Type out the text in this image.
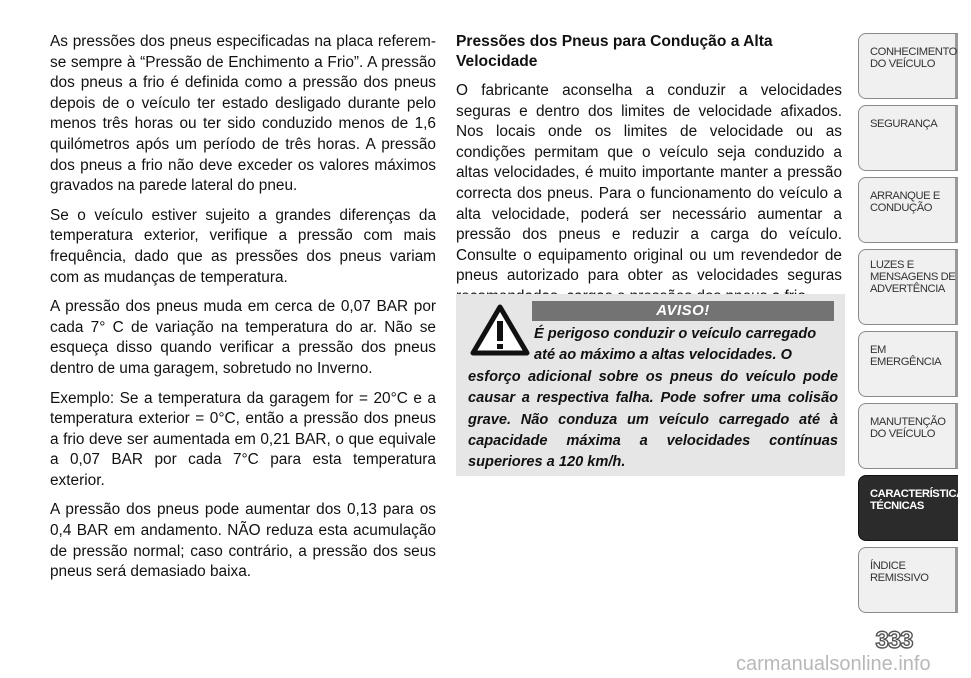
As pressões dos pneus especificadas na placa referem-se sempre à “Pressão de Enchimento a Frio”. A pressão dos pneus a frio é definida como a pressão dos pneus depois de o veículo ter estado desligado durante pelo menos três horas ou ter sido conduzido menos de 1,6 quilómetros após um período de três horas. A pressão dos pneus a frio não deve exceder os valores máximos gravados na parede lateral do pneu.

Se o veículo estiver sujeito a grandes diferenças da temperatura exterior, verifique a pressão com mais frequência, dado que as pressões dos pneus variam com as mudanças de temperatura.

A pressão dos pneus muda em cerca de 0,07 BAR por cada 7° C de variação na temperatura do ar. Não se esqueça disso quando verificar a pressão dos pneus dentro de uma garagem, sobretudo no Inverno.

Exemplo: Se a temperatura da garagem for = 20°C e a temperatura exterior = 0°C, então a pressão dos pneus a frio deve ser aumentada em 0,21 BAR, o que equivale a 0,07 BAR por cada 7°C para esta temperatura exterior.

A pressão dos pneus pode aumentar dos 0,13 para os 0,4 BAR em andamento. NÃO reduza esta acumulação de pressão normal; caso contrário, a pressão dos seus pneus será demasiado baixa.

Pressões dos Pneus para Condução a Alta Velocidade

O fabricante aconselha a conduzir a velocidades seguras e dentro dos limites de velocidade afixados. Nos locais onde os limites de velocidade ou as condições permitam que o veículo seja conduzido a altas velocidades, é muito importante manter a pressão correcta dos pneus. Para o funcionamento do veículo a alta velocidade, poderá ser necessário aumentar a pressão dos pneus e reduzir a carga do veículo. Consulte o equipamento original ou um revendedor de pneus autorizado para obter as velocidades seguras

AVISO!
É perigoso conduzir o veículo carregado
até ao máximo a altas velocidades. O
esforço adicional sobre os pneus do veículo pode causar a respectiva falha. Pode sofrer uma colisão grave. Não conduza um veículo carregado até à capacidade máxima a velocidades contínuas superiores a 120 km/h.
CONHECIMENTO DO VEÍCULO
SEGURANÇA
ARRANQUE E CONDUÇÃO
LUZES E MENSAGENS DE ADVERTÊNCIA
EM EMERGÊNCIA
MANUTENÇÃO DO VEÍCULO
CARACTERÍSTICAS TÉCNICAS
ÍNDICE REMISSIVO
333
carmanualsonline.info
